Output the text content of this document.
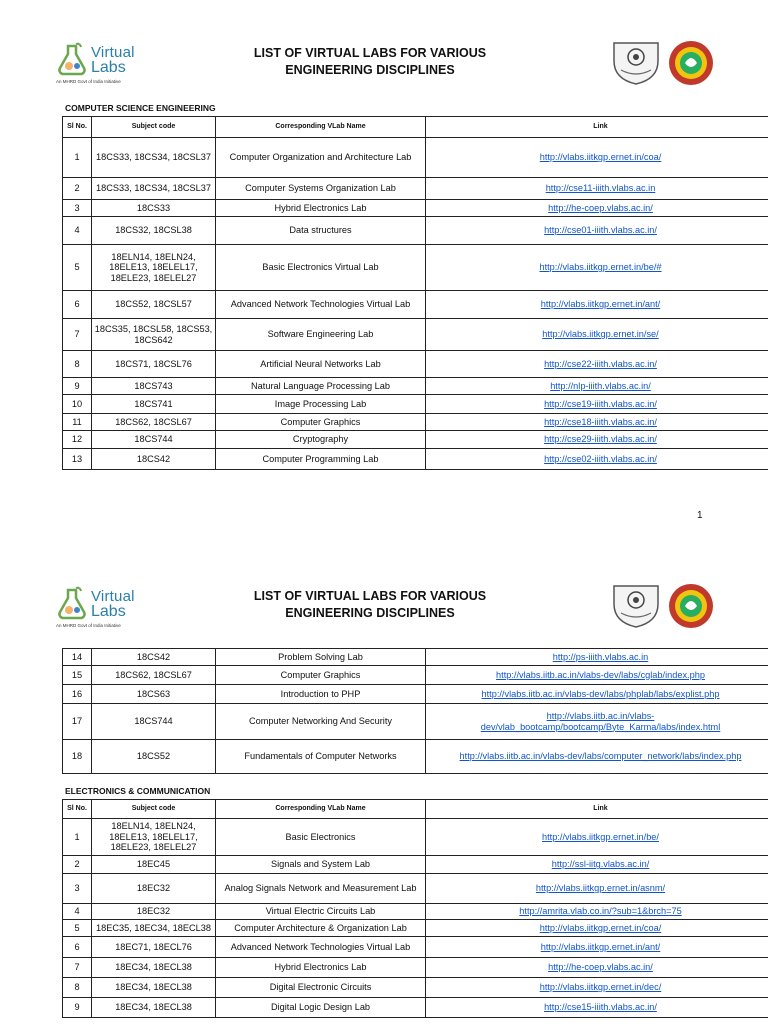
Virtual
Labs
An MHRD Govt of India Initiative
LIST OF VIRTUAL LABS FOR VARIOUS
ENGINEERING DISCIPLINES
COMPUTER SCIENCE ENGINEERING
Sl No.	Subject code	Corresponding VLab Name	Link
1	18CS33, 18CS34, 18CSL37	Computer Organization and Architecture Lab	http://vlabs.iitkgp.ernet.in/coa/
2	18CS33, 18CS34, 18CSL37	Computer Systems Organization Lab	http://cse11-iiith.vlabs.ac.in
3	18CS33	Hybrid Electronics Lab	http://he-coep.vlabs.ac.in/
4	18CS32, 18CSL38	Data structures	http://cse01-iiith.vlabs.ac.in/
5	18ELN14, 18ELN24, 18ELE13, 18ELEL17, 18ELE23, 18ELEL27	Basic Electronics Virtual Lab	http://vlabs.iitkgp.ernet.in/be/#
6	18CS52, 18CSL57	Advanced Network Technologies Virtual Lab	http://vlabs.iitkgp.ernet.in/ant/
7	18CS35, 18CSL58, 18CS53, 18CS642	Software Engineering Lab	http://vlabs.iitkgp.ernet.in/se/
8	18CS71, 18CSL76	Artificial Neural Networks Lab	http://cse22-iiith.vlabs.ac.in/
9	18CS743	Natural Language Processing Lab	http://nlp-iiith.vlabs.ac.in/
10	18CS741	Image Processing Lab	http://cse19-iiith.vlabs.ac.in/
11	18CS62, 18CSL67	Computer Graphics	http://cse18-iiith.vlabs.ac.in/
12	18CS744	Cryptography	http://cse29-iiith.vlabs.ac.in/
13	18CS42	Computer Programming Lab	http://cse02-iiith.vlabs.ac.in/
1
Virtual
Labs
An MHRD Govt of India Initiative
LIST OF VIRTUAL LABS FOR VARIOUS
ENGINEERING DISCIPLINES
14	18CS42	Problem Solving Lab	http://ps-iiith.vlabs.ac.in
15	18CS62, 18CSL67	Computer Graphics	http://vlabs.iitb.ac.in/vlabs-dev/labs/cglab/index.php
16	18CS63	Introduction to PHP	http://vlabs.iitb.ac.in/vlabs-dev/labs/phplab/labs/explist.php
17	18CS744	Computer Networking And Security	http://vlabs.iitb.ac.in/vlabs-dev/vlab_bootcamp/bootcamp/Byte_Karma/labs/index.html
18	18CS52	Fundamentals of Computer Networks	http://vlabs.iitb.ac.in/vlabs-dev/labs/computer_network/labs/index.php
ELECTRONICS & COMMUNICATION
Sl No.	Subject code	Corresponding VLab Name	Link
1	18ELN14, 18ELN24, 18ELE13, 18ELEL17, 18ELE23, 18ELEL27	Basic Electronics	http://vlabs.iitkgp.ernet.in/be/
2	18EC45	Signals and System Lab	http://ssl-iitg.vlabs.ac.in/
3	18EC32	Analog Signals Network and Measurement Lab	http://vlabs.iitkgp.ernet.in/asnm/
4	18EC32	Virtual Electric Circuits Lab	http://amrita.vlab.co.in/?sub=1&brch=75
5	18EC35, 18EC34, 18ECL38	Computer Architecture & Organization Lab	http://vlabs.iitkgp.ernet.in/coa/
6	18EC71, 18ECL76	Advanced Network Technologies Virtual Lab	http://vlabs.iitkgp.ernet.in/ant/
7	18EC34, 18ECL38	Hybrid Electronics Lab	http://he-coep.vlabs.ac.in/
8	18EC34, 18ECL38	Digital Electronic Circuits	http://vlabs.iitkgp.ernet.in/dec/
9	18EC34, 18ECL38	Digital Logic Design Lab	http://cse15-iiith.vlabs.ac.in/
